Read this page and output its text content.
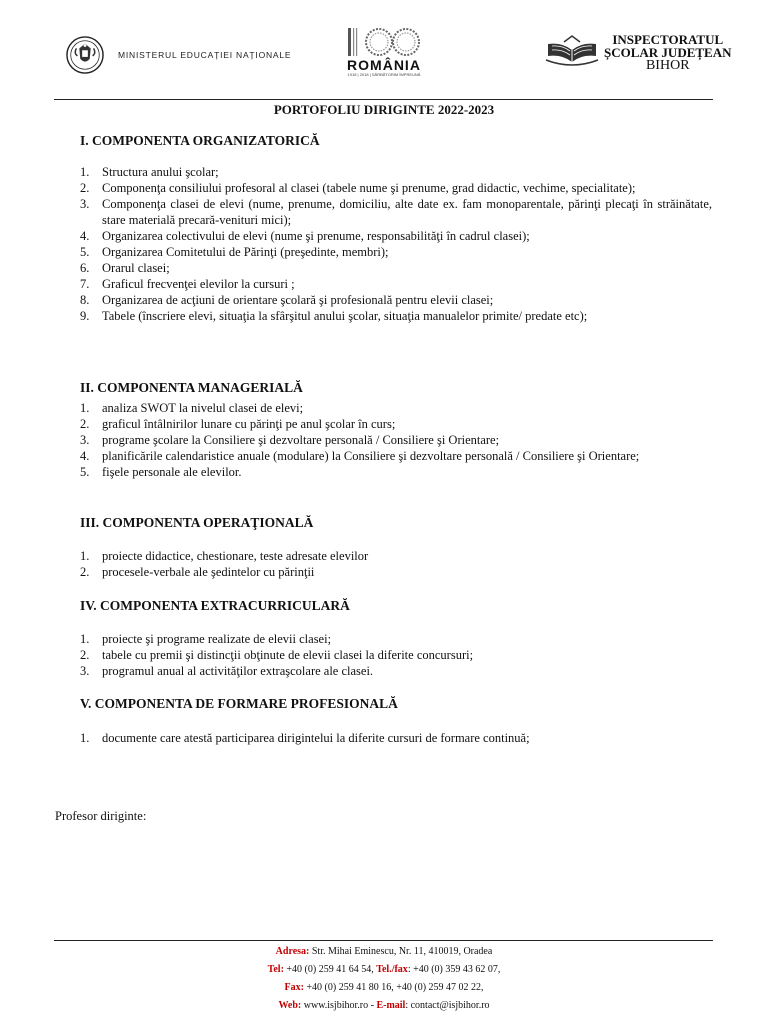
MINISTERUL EDUCAȚIEI NAȚIONALE
ROMÂNIA
1918 | 2018 | SĂRBĂTORIM ÎMPREUNĂ
INSPECTORATUL
ȘCOLAR JUDEȚEAN
BIHOR
PORTOFOLIU DIRIGINTE 2022-2023
I. COMPONENTA ORGANIZATORICĂ
1. Structura anului şcolar;
2. Componenţa consiliului profesoral al clasei (tabele nume şi prenume, grad didactic, vechime, specialitate);
3. Componenţa clasei de elevi (nume, prenume, domiciliu, alte date ex. fam monoparentale, părinţi plecaţi în străinătate, stare materială precară-venituri mici);
4. Organizarea colectivului de elevi (nume şi prenume, responsabilităţi în cadrul clasei);
5. Organizarea Comitetului de Părinţi (preşedinte, membri);
6. Orarul clasei;
7. Graficul frecvenţei elevilor la cursuri ;
8. Organizarea de acţiuni de orientare şcolară şi profesională pentru elevii clasei;
9. Tabele (înscriere elevi, situaţia la sfârşitul anului şcolar, situaţia manualelor primite/ predate etc);
II. COMPONENTA MANAGERIALĂ
1. analiza SWOT la nivelul clasei de elevi;
2. graficul întâlnirilor lunare cu părinţi pe anul şcolar în curs;
3. programe şcolare la Consiliere şi dezvoltare personală / Consiliere şi Orientare;
4. planificările calendaristice anuale (modulare) la Consiliere şi dezvoltare personală / Consiliere şi Orientare;
5. fişele personale ale elevilor.
III. COMPONENTA OPERAŢIONALĂ
1. proiecte didactice, chestionare, teste adresate elevilor
2. procesele-verbale ale şedintelor cu părinţii
IV. COMPONENTA EXTRACURRICULARĂ
1. proiecte şi programe realizate de elevii clasei;
2. tabele cu premii şi distincţii obţinute de elevii clasei la diferite concursuri;
3. programul anual al activităţilor extraşcolare ale clasei.
V. COMPONENTA DE FORMARE PROFESIONALĂ
1. documente care atestă participarea dirigintelui la diferite cursuri de formare continuă;
Profesor diriginte:
Adresa: Str. Mihai Eminescu, Nr. 11, 410019, Oradea
Tel: +40 (0) 259 41 64 54, Tel./fax: +40 (0) 359 43 62 07,
Fax: +40 (0) 259 41 80 16, +40 (0) 259 47 02 22,
Web: www.isjbihor.ro - E-mail: contact@isjbihor.ro
